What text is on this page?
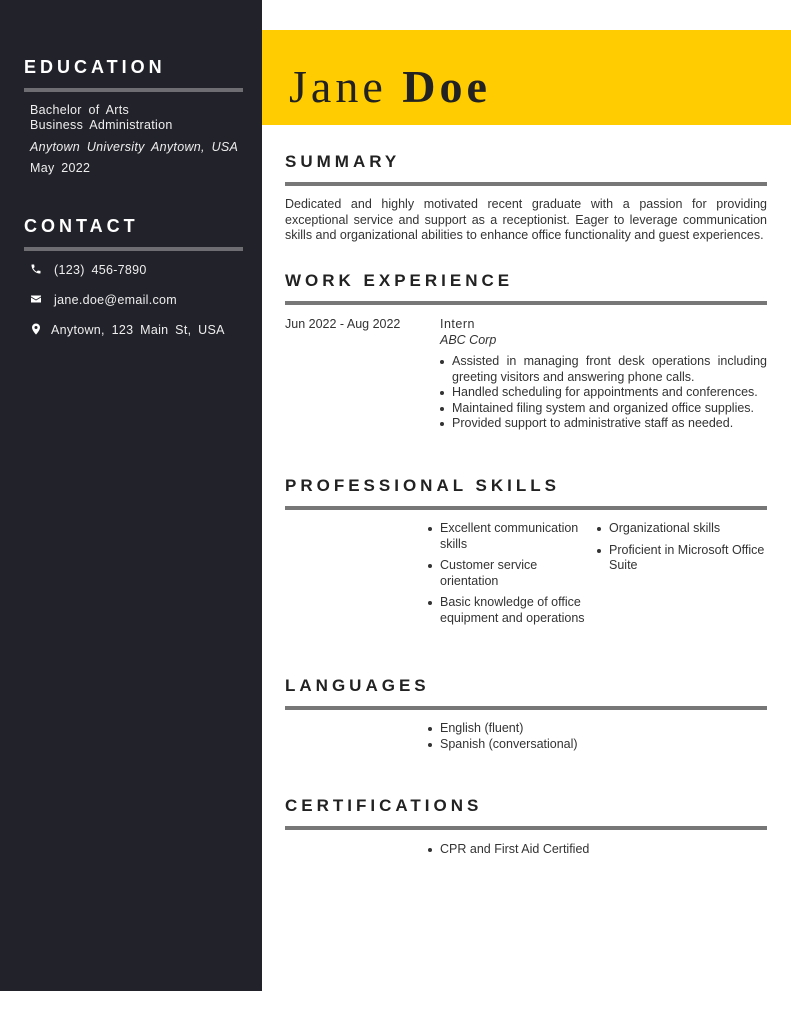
EDUCATION
Bachelor of Arts
Business Administration
Anytown University Anytown, USA
May 2022
CONTACT
(123) 456-7890
jane.doe@email.com
Anytown, 123 Main St, USA
Jane Doe
SUMMARY
Dedicated and highly motivated recent graduate with a passion for providing exceptional service and support as a receptionist. Eager to leverage communication skills and organizational abilities to enhance office functionality and guest experiences.
WORK EXPERIENCE
Jun 2022 - Aug 2022	Intern
ABC Corp
Assisted in managing front desk operations including greeting visitors and answering phone calls.
Handled scheduling for appointments and conferences.
Maintained filing system and organized office supplies.
Provided support to administrative staff as needed.
PROFESSIONAL SKILLS
Excellent communication skills
Customer service orientation
Basic knowledge of office equipment and operations
Organizational skills
Proficient in Microsoft Office Suite
LANGUAGES
English (fluent)
Spanish (conversational)
CERTIFICATIONS
CPR and First Aid Certified
